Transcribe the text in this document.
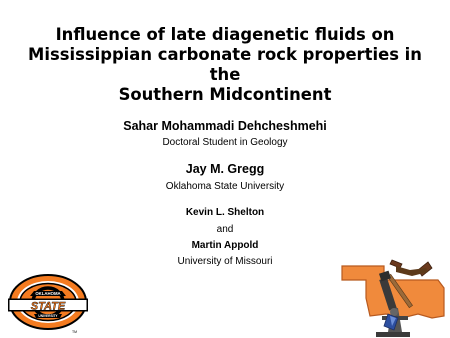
Influence of late diagenetic fluids on
Mississippian carbonate rock properties in the
Southern Midcontinent

Sahar Mohammadi Dehcheshmehi

Doctoral Student in Geology

Jay M. Gregg

Oklahoma State University

Kevin L. Shelton

and

Martin Appold

University of Missouri

OKLAHOMA
STATE
UNIVERSITY
TM
